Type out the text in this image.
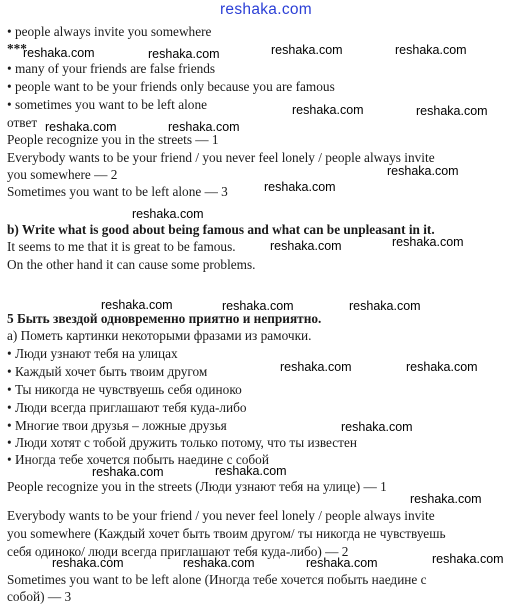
reshaka.com
• people always invite you somewhere
***
• many of your friends are false friends
• people want to be your friends only because you are famous
• sometimes you want to be left alone
ответ
People recognize you in the streets — 1
Everybody wants to be your friend / you never feel lonely / people always invite
you somewhere — 2
Sometimes you want to be left alone — 3
b) Write what is good about being famous and what can be unpleasant in it.
It seems to me that it is great to be famous.
On the other hand it can cause some problems.
5 Быть звездой одновременно приятно и неприятно.
а) Пометь картинки некоторыми фразами из рамочки.
• Люди узнают тебя на улицах
• Каждый хочет быть твоим другом
• Ты никогда не чувствуешь себя одиноко
• Люди всегда приглашают тебя куда-либо
• Многие твои друзья – ложные друзья
• Люди хотят с тобой дружить только потому, что ты известен
• Иногда тебе хочется побыть наедине с собой
People recognize you in the streets (Люди узнают тебя на улице) — 1
Everybody wants to be your friend / you never feel lonely / people always invite
you somewhere (Каждый хочет быть твоим другом/ ты никогда не чувствуешь
себя одиноко/ люди всегда приглашают тебя куда-либо) — 2
Sometimes you want to be left alone (Иногда тебе хочется побыть наедине с
собой) — 3
reshaka.com	reshaka.com	reshaka.com	reshaka.com
reshaka.com	reshaka.com
reshaka.com	reshaka.com
reshaka.com
reshaka.com
reshaka.com
reshaka.com
reshaka.com
reshaka.com	reshaka.com	reshaka.com
reshaka.com	reshaka.com
reshaka.com
reshaka.com	reshaka.com
reshaka.com
reshaka.com
reshaka.com	reshaka.com	reshaka.com
